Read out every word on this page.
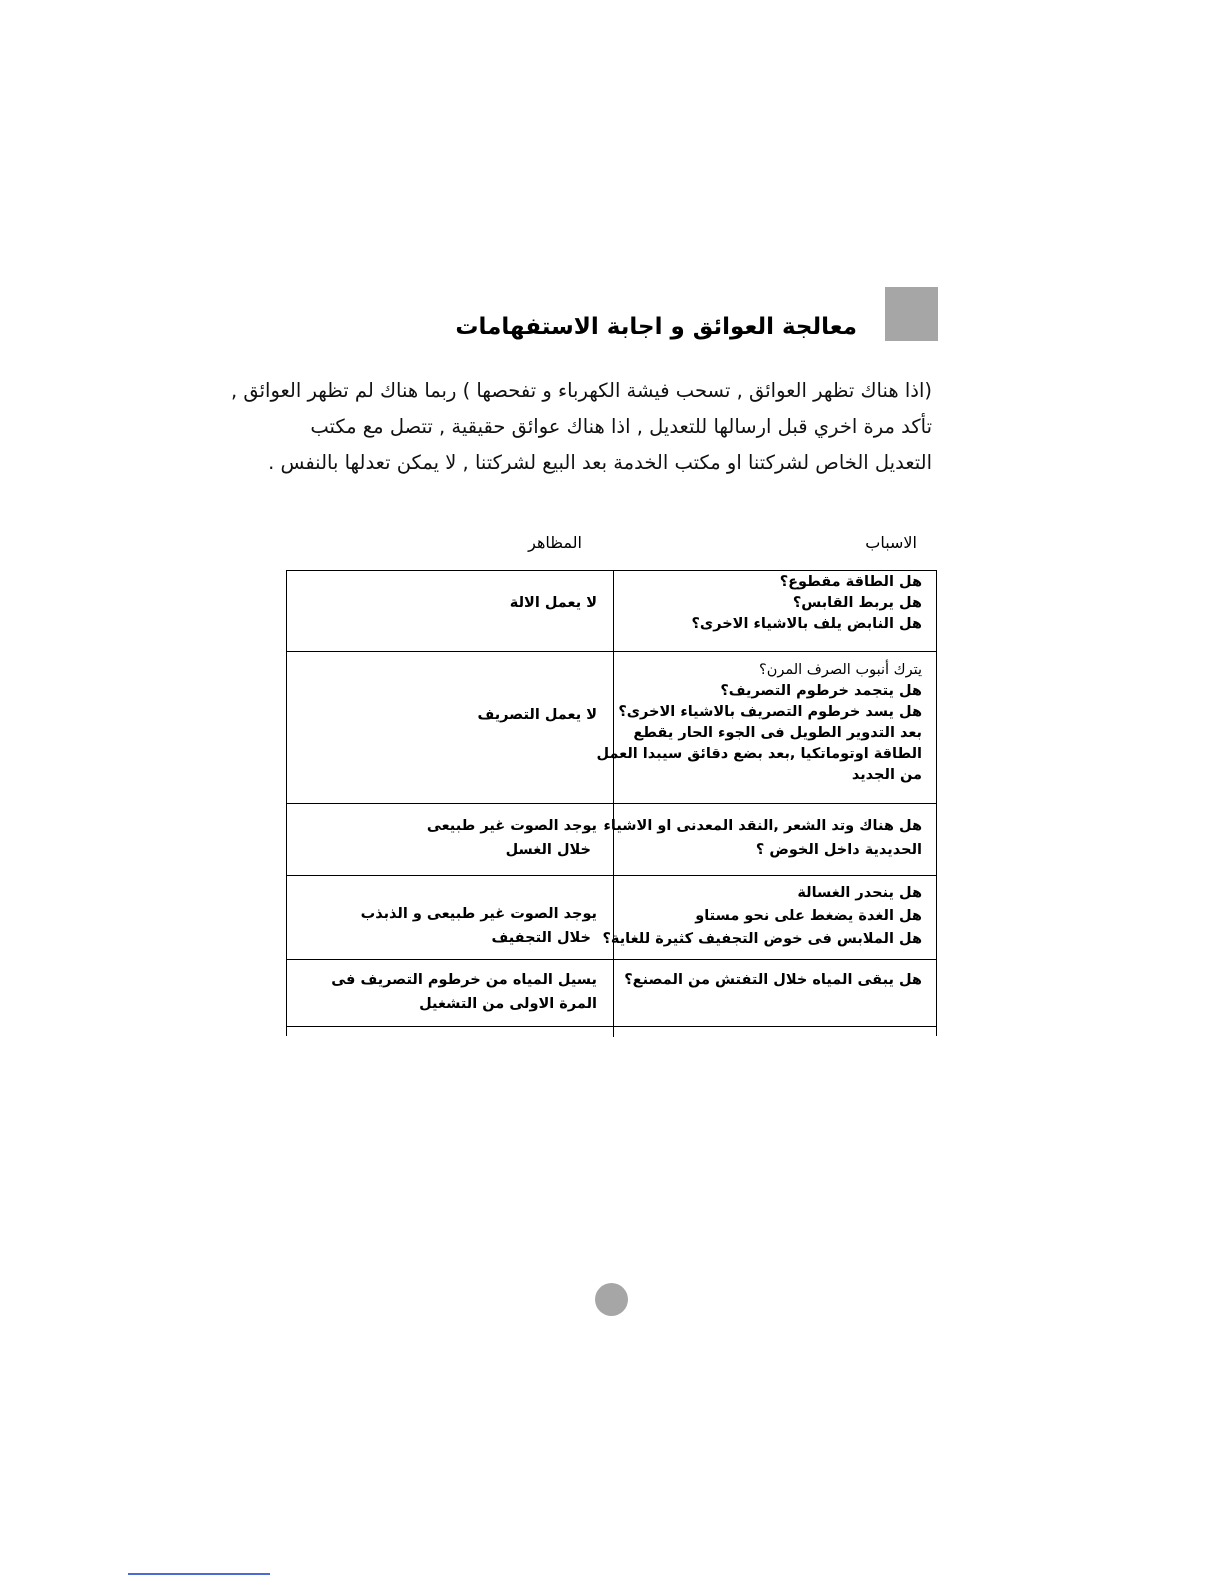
معالجة العوائق و اجابة الاستفهامات
(اذا هناك تظهر العوائق , تسحب فيشة الكهرباء و تفحصها ) ربما هناك لم تظهر العوائق ,
تأكد مرة اخري قبل ارسالها للتعديل , اذا هناك عوائق حقيقية , تتصل مع مكتب
التعديل الخاص لشركتنا او مكتب الخدمة بعد البيع لشركتنا , لا يمكن تعدلها بالنفس .
الاسباب
المظاهر
هل الطاقة مقطوع؟
هل يربط القابس؟
هل النابض يلف بالاشياء الاخرى؟
لا يعمل الالة
يترك أنبوب الصرف المرن؟
هل يتجمد خرطوم التصريف؟
هل يسد خرطوم التصريف بالاشياء الاخرى؟
بعد التدوير الطويل فى الجوء الحار يقطع
الطاقة اوتوماتكيا ,بعد بضع دقائق سيبدا العمل
من الجديد
لا يعمل التصريف
هل هناك وتد الشعر ,النقد المعدنى او الاشياء
الحديدية داخل الخوض ؟
يوجد الصوت غير طبيعى
خلال الغسل
هل ينحدر الغسالة
هل الغدة يضغط على نحو مستاو
هل الملابس فى خوض التجفيف كثيرة للغاية؟
يوجد الصوت غير طبيعى و الذبذب
خلال التجفيف
هل يبقى المياه خلال التفتش من المصنع؟
يسيل المياه من خرطوم التصريف فى
المرة الاولى من التشغيل
